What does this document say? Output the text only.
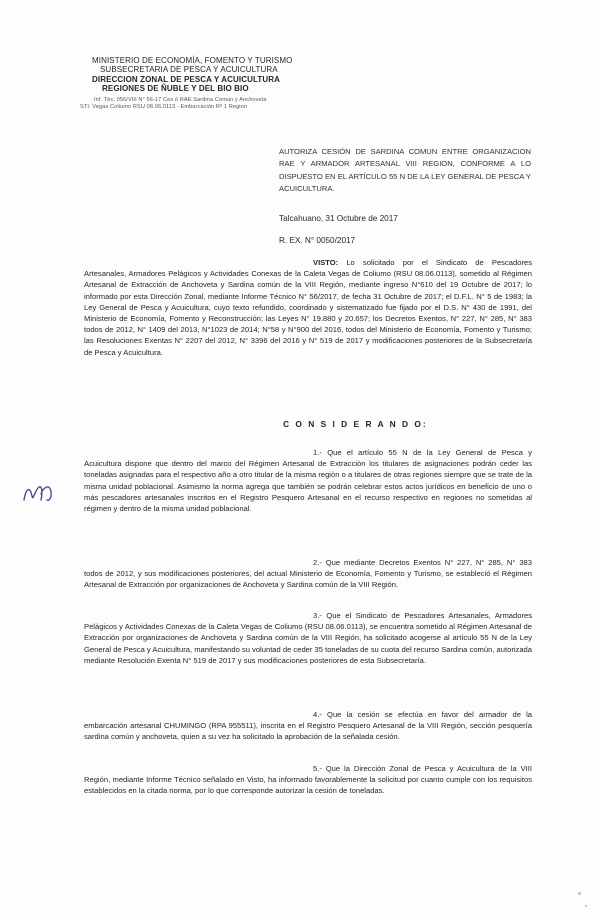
MINISTERIO DE ECONOMÍA, FOMENTO Y TURISMO
SUBSECRETARIA DE PESCA Y ACUICULTURA
DIRECCION ZONAL DE PESCA Y ACUICULTURA
REGIONES DE ÑUBLE Y DEL BIO BIO
Inf. Téc. 056/VIII N° 56-17 Ces ó RAE Sardina Común y Anchoveta
STI. Vegas Coliumo RSU 08.06.0113 - Embarcación Rº 1 Region
AUTORIZA CESIÓN DE SARDINA COMUN ENTRE ORGANIZACION RAE Y ARMADOR ARTESANAL VIII REGION, CONFORME A LO DISPUESTO EN EL ARTÍCULO 55 N DE LA LEY GENERAL DE PESCA Y ACUICULTURA.
Talcahuano, 31 Octubre de 2017
R. EX. N° 0050/2017
VISTO: Lo solicitado por el Sindicato de Pescadores Artesanales, Armadores Pelágicos y Actividades Conexas de la Caleta Vegas de Coliumo (RSU 08.06.0113), sometido al Régimen Artesanal de Extracción de Anchoveta y Sardina común de la VIII Región, mediante ingreso N°610 del 19 Octubre de 2017; lo informado por esta Dirección Zonal, mediante Informe Técnico N° 56/2017, de fecha 31 Octubre de 2017; el D.F.L. N° 5 de 1983; la Ley General de Pesca y Acuicultura, cuyo texto refundido, coordinado y sistematizado fue fijado por el D.S. N° 430 de 1991, del Ministerio de Economía, Fomento y Reconstrucción; las Leyes N° 19.880 y 20.657; los Decretos Exentos, N° 227, N° 285, N° 383 todos de 2012, N° 1409 del 2013, N°1023 de 2014; N°58 y N°900 del 2016, todos del Ministerio de Economía, Fomento y Turismo; las Resoluciones Exentas N° 2207 del 2012, N° 3396 del 2016 y N° 519 de 2017 y modificaciones posteriores de la Subsecretaría de Pesca y Acuicultura.
C O N S I D E R A N D O:
1.- Que el artículo 55 N de la Ley General de Pesca y Acuicultura dispone que dentro del marco del Régimen Artesanal de Extracción los titulares de asignaciones podrán ceder las toneladas asignadas para el respectivo año a otro titular de la misma región o a titulares de otras regiones siempre que se trate de la misma unidad poblacional. Asimismo la norma agrega que también se podrán celebrar estos actos jurídicos en beneficio de uno o más pescadores artesanales inscritos en el Registro Pesquero Artesanal en el recurso respectivo en regiones no sometidas al régimen y dentro de la misma unidad poblacional.
2.- Que mediante Decretos Exentos N° 227, N° 285, N° 383 todos de 2012, y sus modificaciones posteriores, del actual Ministerio de Economía, Fomento y Turismo, se estableció el Régimen Artesanal de Extracción por organizaciones de Anchoveta y Sardina común de la VIII Región.
3.- Que el Sindicato de Pescadores Artesanales, Armadores Pelágicos y Actividades Conexas de la Caleta Vegas de Coliumo (RSU 08.06.0113), se encuentra sometido al Régimen Artesanal de Extracción por organizaciones de Anchoveta y Sardina común de la VIII Región, ha solicitado acogerse al artículo 55 N de la Ley General de Pesca y Acuicultura, manifestando su voluntad de ceder 35 toneladas de su cuota del recurso Sardina común, autorizada mediante Resolución Exenta N° 519 de 2017 y sus modificaciones posteriores de esta Subsecretaría.
4.- Que la cesión se efectúa en favor del armador de la embarcación artesanal CHUMINGO (RPA 955511), inscrita en el Registro Pesquero Artesanal de la VIII Región, sección pesquería sardina común y anchoveta, quien a su vez ha solicitado la aprobación de la señalada cesión.
5.- Que la Dirección Zonal de Pesca y Acuicultura de la VIII Región, mediante Informe Técnico señalado en Visto, ha informado favorablemente la solicitud por cuanto cumple con los requisitos establecidos en la citada norma, por lo que corresponde autorizar la cesión de toneladas.
